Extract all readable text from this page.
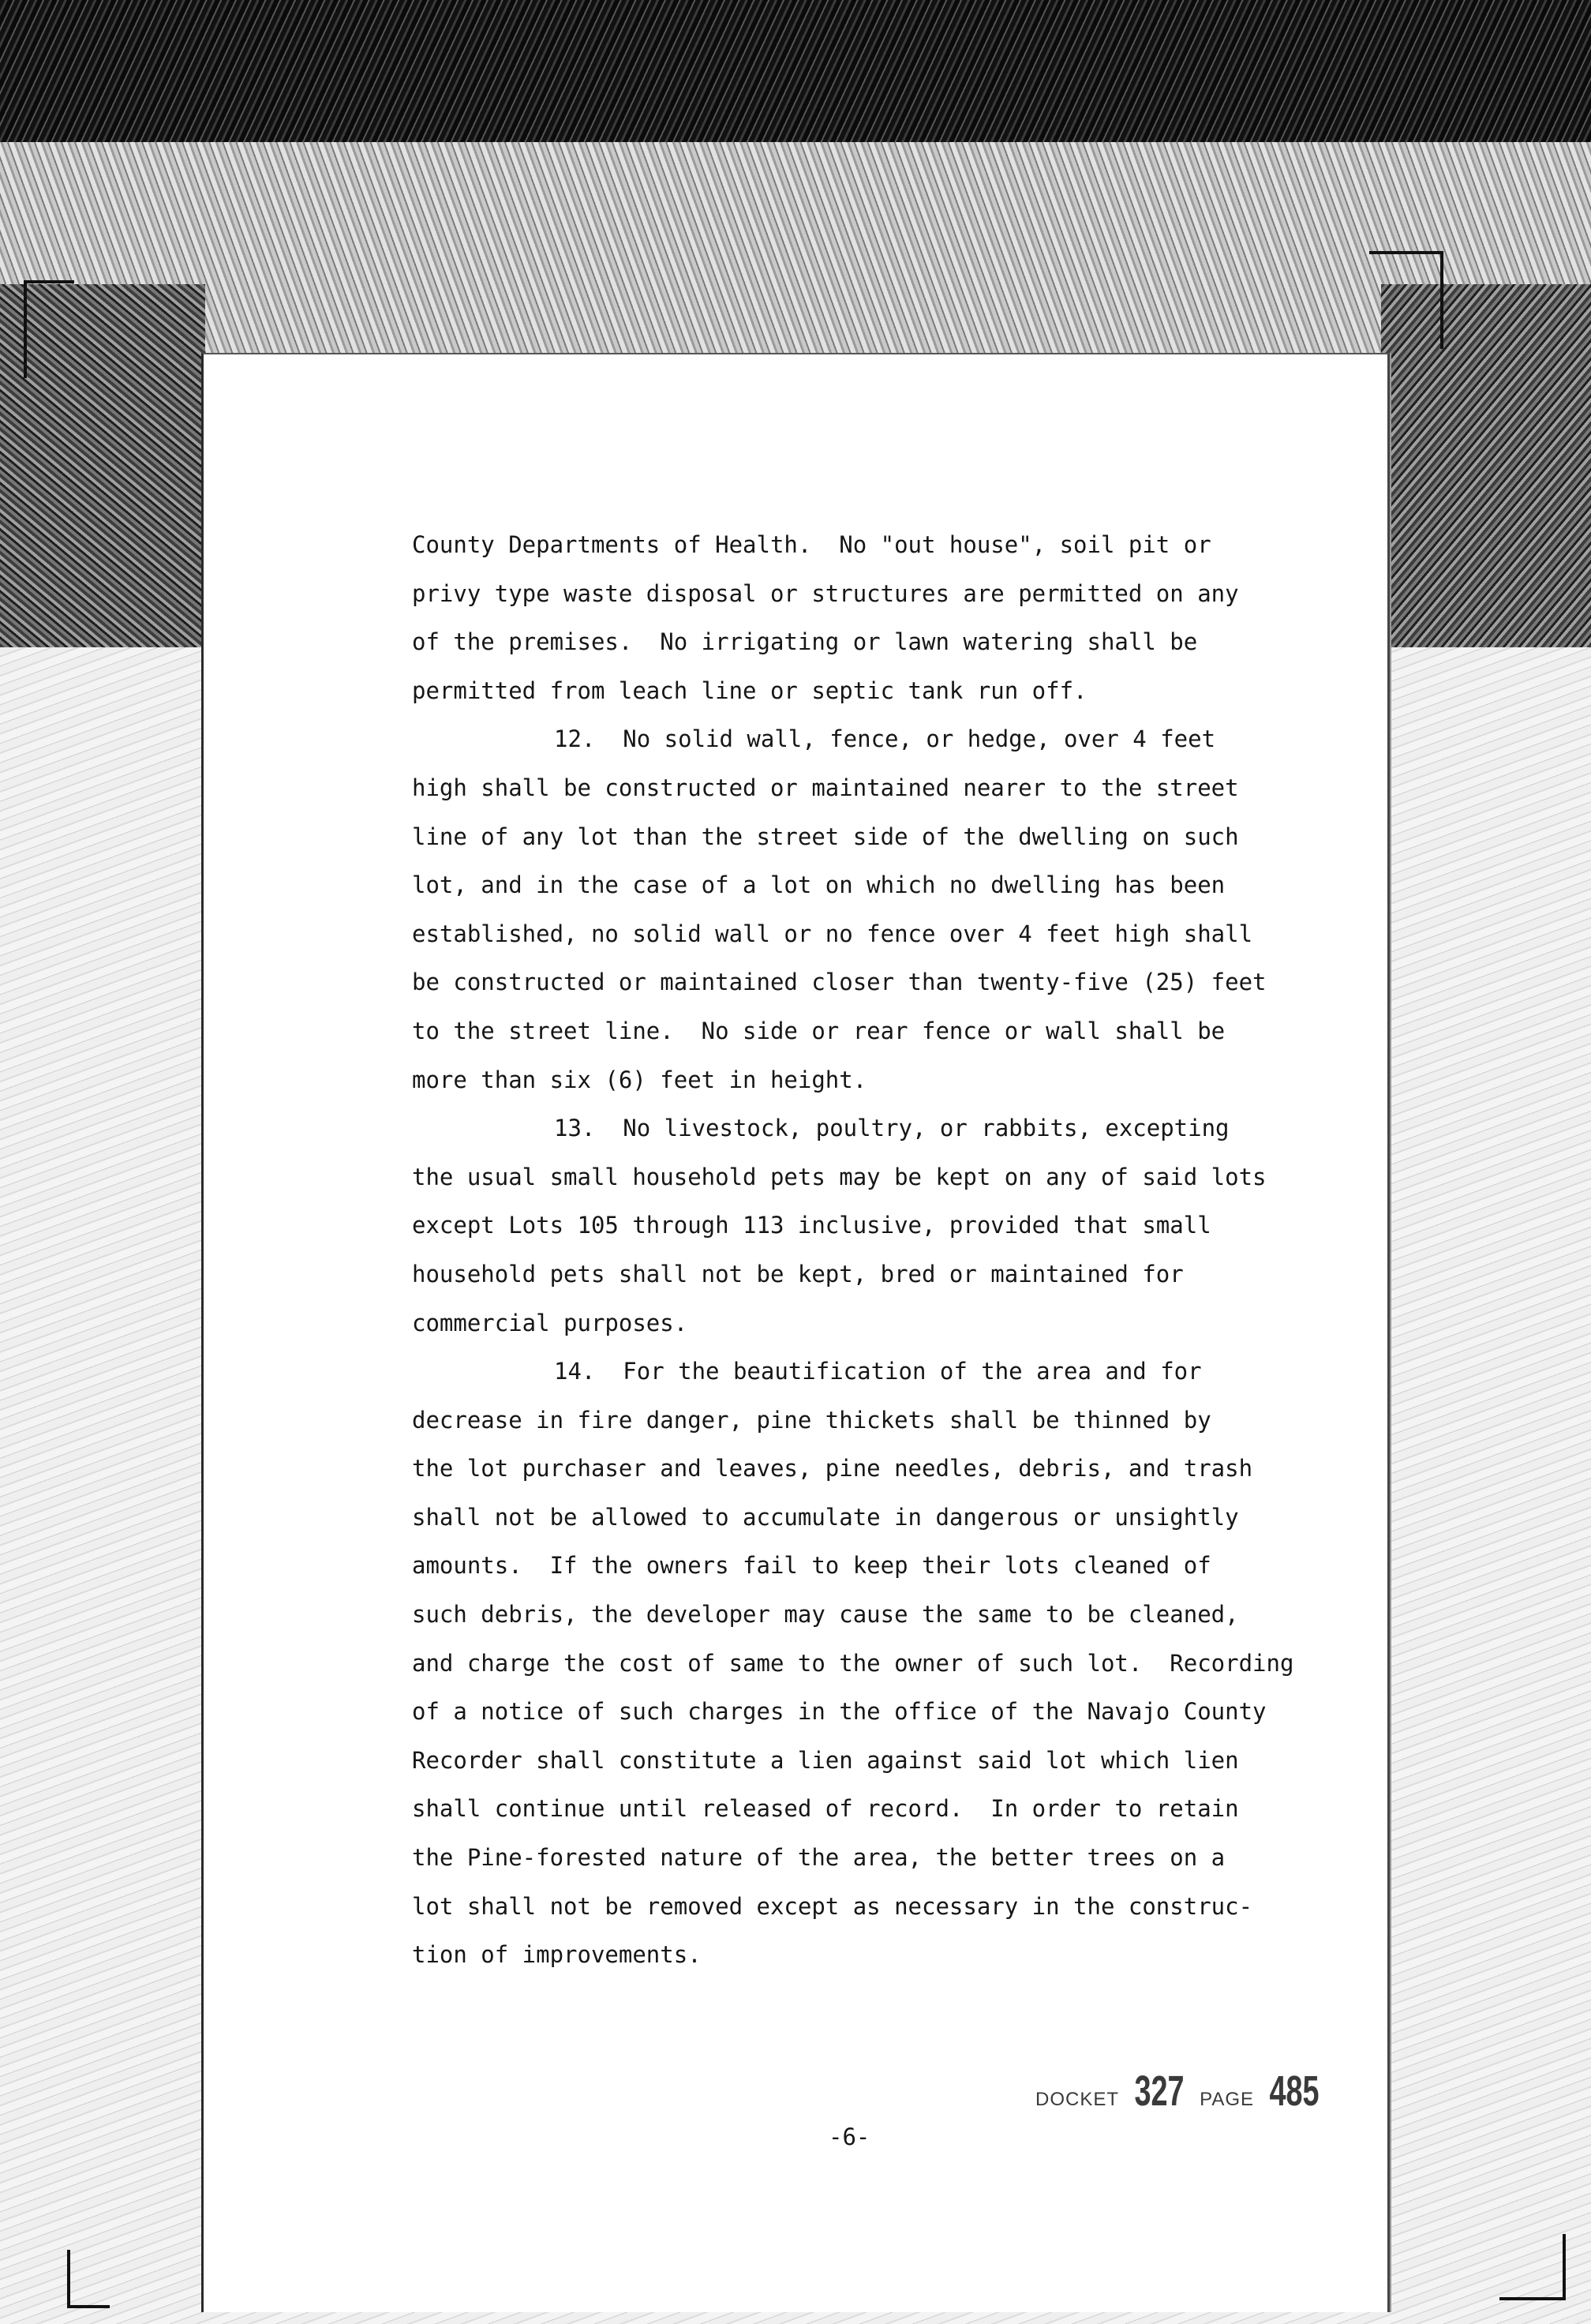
County Departments of Health.  No "out house", soil pit or
privy type waste disposal or structures are permitted on any
of the premises.  No irrigating or lawn watering shall be
permitted from leach line or septic tank run off.
12.  No solid wall, fence, or hedge, over 4 feet
high shall be constructed or maintained nearer to the street
line of any lot than the street side of the dwelling on such
lot, and in the case of a lot on which no dwelling has been
established, no solid wall or no fence over 4 feet high shall
be constructed or maintained closer than twenty-five (25) feet
to the street line.  No side or rear fence or wall shall be
more than six (6) feet in height.
13.  No livestock, poultry, or rabbits, excepting
the usual small household pets may be kept on any of said lots
except Lots 105 through 113 inclusive, provided that small
household pets shall not be kept, bred or maintained for
commercial purposes.
14.  For the beautification of the area and for
decrease in fire danger, pine thickets shall be thinned by
the lot purchaser and leaves, pine needles, debris, and trash
shall not be allowed to accumulate in dangerous or unsightly
amounts.  If the owners fail to keep their lots cleaned of
such debris, the developer may cause the same to be cleaned,
and charge the cost of same to the owner of such lot.  Recording
of a notice of such charges in the office of the Navajo County
Recorder shall constitute a lien against said lot which lien
shall continue until released of record.  In order to retain
the Pine-forested nature of the area, the better trees on a
lot shall not be removed except as necessary in the construc-
tion of improvements.
DOCKET 327 PAGE 485
-6-
